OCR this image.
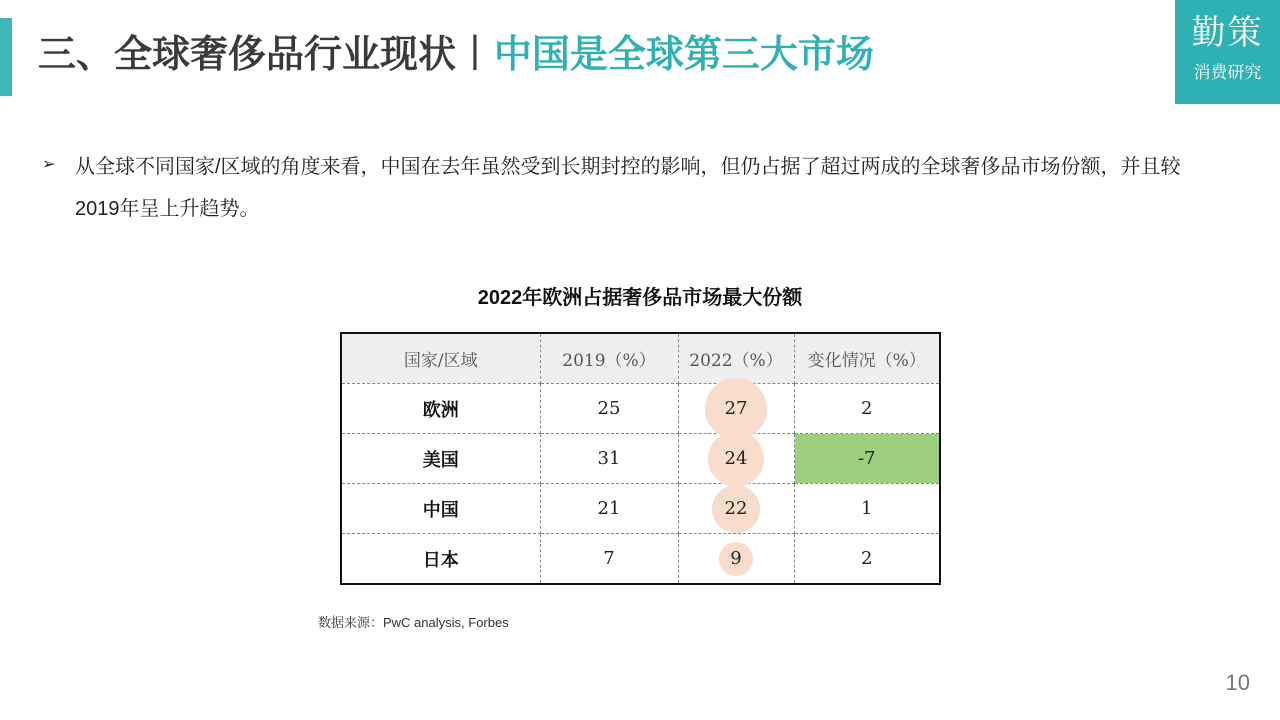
三、全球奢侈品行业现状 | 中国是全球第三大市场
勤策
消费研究
➢ 从全球不同国家/区域的角度来看，中国在去年虽然受到长期封控的影响，但仍占据了超过两成的全球奢侈品市场份额，并且较2019年呈上升趋势。
2022年欧洲占据奢侈品市场最大份额
国家/区域	2019（%）	2022（%）	变化情况（%）
欧洲	25	27	2
美国	31	24	-7
中国	21	22	1
日本	7	9	2
数据来源：PwC analysis, Forbes
10
